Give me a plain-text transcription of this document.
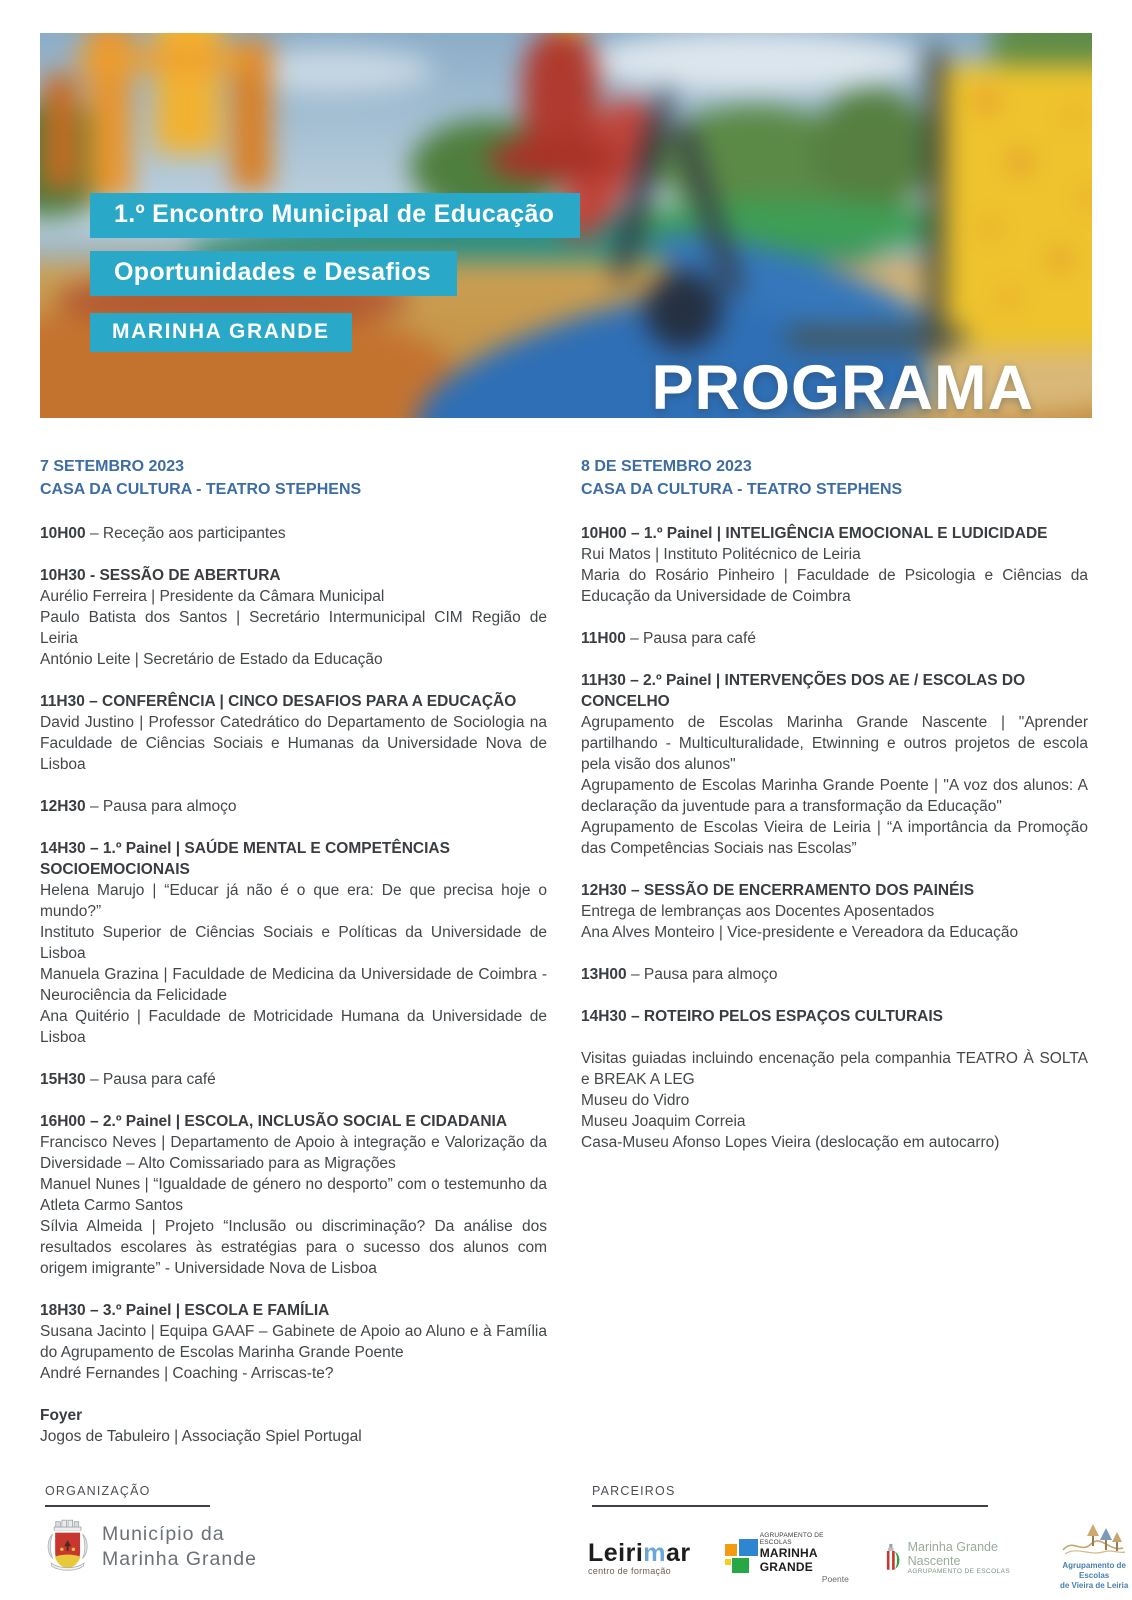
1.º Encontro Municipal de Educação
Oportunidades e Desafios
MARINHA GRANDE
PROGRAMA
7 SETEMBRO 2023
CASA DA CULTURA - TEATRO STEPHENS

10H00 – Receção aos participantes

10H30 - SESSÃO DE ABERTURA

Aurélio Ferreira | Presidente da Câmara Municipal

Paulo Batista dos Santos | Secretário Intermunicipal CIM Região de Leiria

António Leite | Secretário de Estado da Educação

11H30 – CONFERÊNCIA | CINCO DESAFIOS PARA A EDUCAÇÃO

David Justino | Professor Catedrático do Departamento de Sociologia na Faculdade de Ciências Sociais e Humanas da Universidade Nova de Lisboa

12H30 – Pausa para almoço

14H30 – 1.º Painel | SAÚDE MENTAL E COMPETÊNCIAS SOCIOEMOCIONAIS

Helena Marujo | “Educar já não é o que era: De que precisa hoje o mundo?”

Instituto Superior de Ciências Sociais e Políticas da Universidade de Lisboa

Manuela Grazina | Faculdade de Medicina da Universidade de Coimbra - Neurociência da Felicidade

Ana Quitério | Faculdade de Motricidade Humana da Universidade de Lisboa

15H30 – Pausa para café

16H00 – 2.º Painel | ESCOLA, INCLUSÃO SOCIAL E CIDADANIA

Francisco Neves | Departamento de Apoio à integração e Valorização da Diversidade – Alto Comissariado para as Migrações

Manuel Nunes | “Igualdade de género no desporto” com o testemunho da Atleta Carmo Santos

Sílvia Almeida | Projeto “Inclusão ou discriminação? Da análise dos resultados escolares às estratégias para o sucesso dos alunos com origem imigrante” - Universidade Nova de Lisboa

18H30 – 3.º Painel | ESCOLA E FAMÍLIA

Susana Jacinto | Equipa GAAF – Gabinete de Apoio ao Aluno e à Família do Agrupamento de Escolas Marinha Grande Poente

André Fernandes | Coaching - Arriscas-te?

Foyer

Jogos de Tabuleiro | Associação Spiel Portugal

8 DE SETEMBRO 2023
CASA DA CULTURA - TEATRO STEPHENS

10H00 – 1.º Painel | INTELIGÊNCIA EMOCIONAL E LUDICIDADE

Rui Matos | Instituto Politécnico de Leiria

Maria do Rosário Pinheiro | Faculdade de Psicologia e Ciências da Educação da Universidade de Coimbra

11H00 – Pausa para café

11H30 – 2.º Painel | INTERVENÇÕES DOS AE / ESCOLAS DO CONCELHO

Agrupamento de Escolas Marinha Grande Nascente | "Aprender partilhando - Multiculturalidade, Etwinning e outros projetos de escola pela visão dos alunos"

Agrupamento de Escolas Marinha Grande Poente | "A voz dos alunos: A declaração da juventude para a transformação da Educação"

Agrupamento de Escolas Vieira de Leiria | “A importância da Promoção das Competências Sociais nas Escolas”

12H30 – SESSÃO DE ENCERRAMENTO DOS PAINÉIS

Entrega de lembranças aos Docentes Aposentados

Ana Alves Monteiro | Vice-presidente e Vereadora da Educação

13H00 – Pausa para almoço

14H30 – ROTEIRO PELOS ESPAÇOS CULTURAIS

Visitas guiadas incluindo encenação pela companhia TEATRO À SOLTA e BREAK A LEG

Museu do Vidro

Museu Joaquim Correia

Casa-Museu Afonso Lopes Vieira (deslocação em autocarro)

ORGANIZAÇÃO
Município da
Marinha Grande
PARCEIROS
Leirimar
centro de formação
AGRUPAMENTO DE ESCOLAS
MARINHA GRANDE
Poente
Marinha Grande Nascente
AGRUPAMENTO DE ESCOLAS
Agrupamento de Escolas
de Vieira de Leiria
